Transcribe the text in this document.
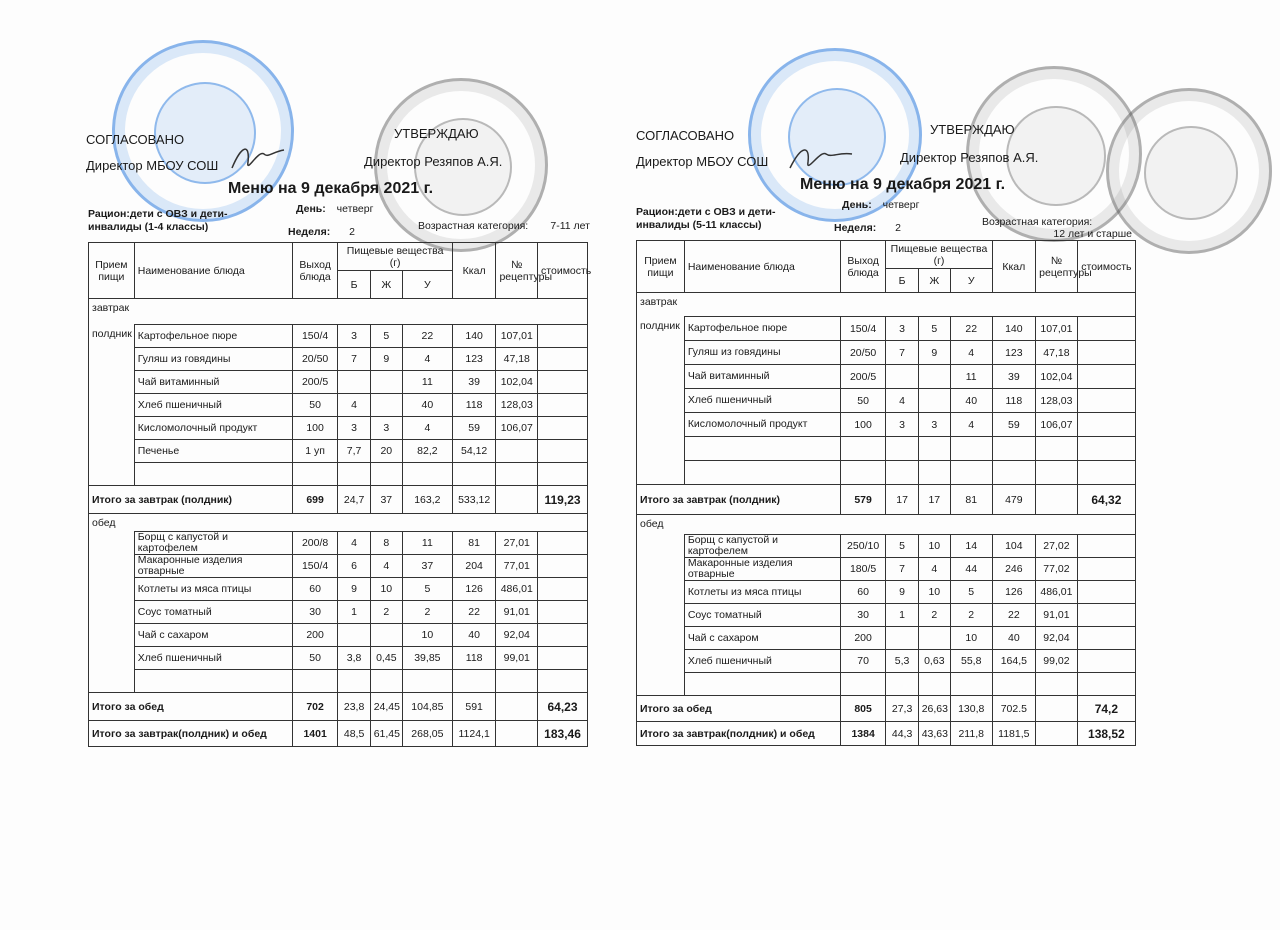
СОГЛАСОВАНО
Директор МБОУ СОШ
УТВЕРЖДАЮ
Директор Резяпов А.Я.
Меню на 9 декабря 2021 г.
Рацион:дети с ОВЗ и дети-инвалиды (1-4 классы)
День: четверг
Неделя: 2	Возрастная категория:	7-11 лет
Прием пищи	Наименование блюда	Выход блюда	Пищевые вещества (г)			Ккал	№ рецептуры	стоимость
			Б	Ж	У			
завтрак								
полдник	Картофельное пюре	150/4	3	5	22	140	107,01	
	Гуляш из говядины	20/50	7	9	4	123	47,18	
	Чай витаминный	200/5			11	39	102,04	
	Хлеб пшеничный	50	4		40	118	128,03	
	Кисломолочный продукт	100	3	3	4	59	106,07	
	Печенье	1 уп	7,7	20	82,2	54,12		

Итого за завтрак (полдник)		699	24,7	37	163,2	533,12		119,23
обед								
	Борщ с капустой и картофелем	200/8	4	8	11	81	27,01	
	Макаронные изделия отварные	150/4	6	4	37	204	77,01	
	Котлеты из мяса птицы	60	9	10	5	126	486,01	
	Соус томатный	30	1	2	2	22	91,01	
	Чай с сахаром	200			10	40	92,04	
	Хлеб пшеничный	50	3,8	0,45	39,85	118	99,01	

Итого за обед		702	23,8	24,45	104,85	591		64,23
Итого за завтрак(полдник) и обед		1401	48,5	61,45	268,05	1124,1		183,46
СОГЛАСОВАНО
Директор МБОУ СОШ
УТВЕРЖДАЮ
Директор Резяпов А.Я.
Меню на 9 декабря 2021 г.
Рацион:дети с ОВЗ и дети-инвалиды (5-11 классы)
День: четверг
Неделя: 2	Возрастная категория:
12 лет и старше
Прием пищи	Наименование блюда	Выход блюда	Пищевые вещества (г)			Ккал	№ рецептуры	стоимость
			Б	Ж	У			
завтрак								
полдник	Картофельное пюре	150/4	3	5	22	140	107,01	
	Гуляш из говядины	20/50	7	9	4	123	47,18	
	Чай витаминный	200/5			11	39	102,04	
	Хлеб пшеничный	50	4		40	118	128,03	
	Кисломолочный продукт	100	3	3	4	59	106,07	

Итого за завтрак (полдник)		579	17	17	81	479		64,32
обед								
	Борщ с капустой и картофелем	250/10	5	10	14	104	27,02	
	Макаронные изделия отварные	180/5	7	4	44	246	77,02	
	Котлеты из мяса птицы	60	9	10	5	126	486,01	
	Соус томатный	30	1	2	2	22	91,01	
	Чай с сахаром	200			10	40	92,04	
	Хлеб пшеничный	70	5,3	0,63	55,8	164,5	99,02	

Итого за обед		805	27,3	26,63	130,8	702.5		74,2
Итого за завтрак(полдник) и обед		1384	44,3	43,63	211,8	1181,5		138,52
